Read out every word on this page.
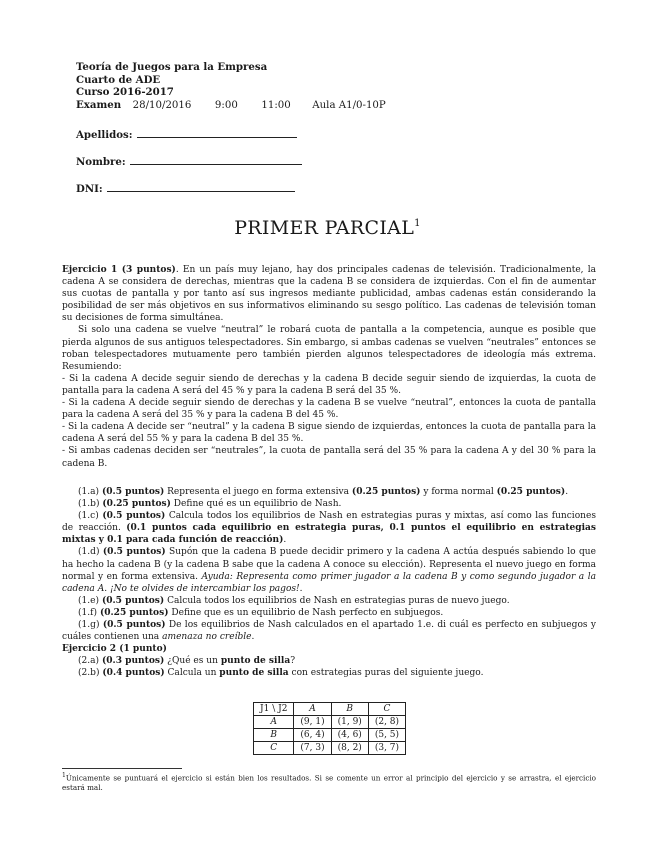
Teoría de Juegos para la Empresa
Cuarto de ADE
Curso 2016-2017
Examen 28/10/2016 9:00 11:00 Aula A1/0-10P
Apellidos:
Nombre:
DNI:
PRIMER PARCIAL$^1$

Ejercicio 1 (3 puntos). En un país muy lejano, hay dos principales cadenas de televisión. Tradicionalmente, la cadena A se considera de derechas, mientras que la cadena B se considera de izquierdas. Con el fin de aumentar sus cuotas de pantalla y por tanto así sus ingresos mediante publicidad, ambas cadenas están considerando la posibilidad de ser más objetivos en sus informativos eliminando su sesgo político. Las cadenas de televisión toman su decisiones de forma simultánea.

Si solo una cadena se vuelve “neutral” le robará cuota de pantalla a la competencia, aunque es posible que pierda algunos de sus antiguos telespectadores. Sin embargo, si ambas cadenas se vuelven “neutrales” entonces se roban telespectadores mutuamente pero también pierden algunos telespectadores de ideología más extrema. Resumiendo:

- Si la cadena A decide seguir siendo de derechas y la cadena B decide seguir siendo de izquierdas, la cuota de pantalla para la cadena A será del 45 % y para la cadena B será del 35 %.

- Si la cadena A decide seguir siendo de derechas y la cadena B se vuelve “neutral”, entonces la cuota de pantalla para la cadena A será del 35 % y para la cadena B del 45 %.

- Si la cadena A decide ser “neutral” y la cadena B sigue siendo de izquierdas, entonces la cuota de pantalla para la cadena A será del 55 % y para la cadena B del 35 %.

- Si ambas cadenas deciden ser “neutrales”, la cuota de pantalla será del 35 % para la cadena A y del 30 % para la cadena B.

(1.a) (0.5 puntos) Representa el juego en forma extensiva (0.25 puntos) y forma normal (0.25 puntos).

(1.b) (0.25 puntos) Define qué es un equilibrio de Nash.

(1.c) (0.5 puntos) Calcula todos los equilibrios de Nash en estrategias puras y mixtas, así como las funciones de reacción. (0.1 puntos cada equilibrio en estrategia puras, 0.1 puntos el equilibrio en estrategias mixtas y 0.1 para cada función de reacción).

(1.d) (0.5 puntos) Supón que la cadena B puede decidir primero y la cadena A actúa después sabiendo lo que ha hecho la cadena B (y la cadena B sabe que la cadena A conoce su elección). Representa el nuevo juego en forma normal y en forma extensiva. Ayuda: Representa como primer jugador a la cadena B y como segundo jugador a la cadena A. ¡No te olvides de intercambiar los pagos!.

(1.e) (0.5 puntos) Calcula todos los equilibrios de Nash en estrategias puras de nuevo juego.

(1.f) (0.25 puntos) Define que es un equilibrio de Nash perfecto en subjuegos.

(1.g) (0.5 puntos) De los equilibrios de Nash calculados en el apartado 1.e. di cuál es perfecto en subjuegos y cuáles contienen una amenaza no creíble.

Ejercicio 2 (1 punto)

(2.a) (0.3 puntos) ¿Qué es un punto de silla?

(2.b) (0.4 puntos) Calcula un punto de silla con estrategias puras del siguiente juego.

J1 \ J2	A	B	C
A	(9, 1)	(1, 9)	(2, 8)
B	(6, 4)	(4, 6)	(5, 5)
C	(7, 3)	(8, 2)	(3, 7)
$^1$Únicamente se puntuará el ejercicio si están bien los resultados. Si se comente un error al principio del ejercicio y se arrastra, el ejercicio estará mal.
